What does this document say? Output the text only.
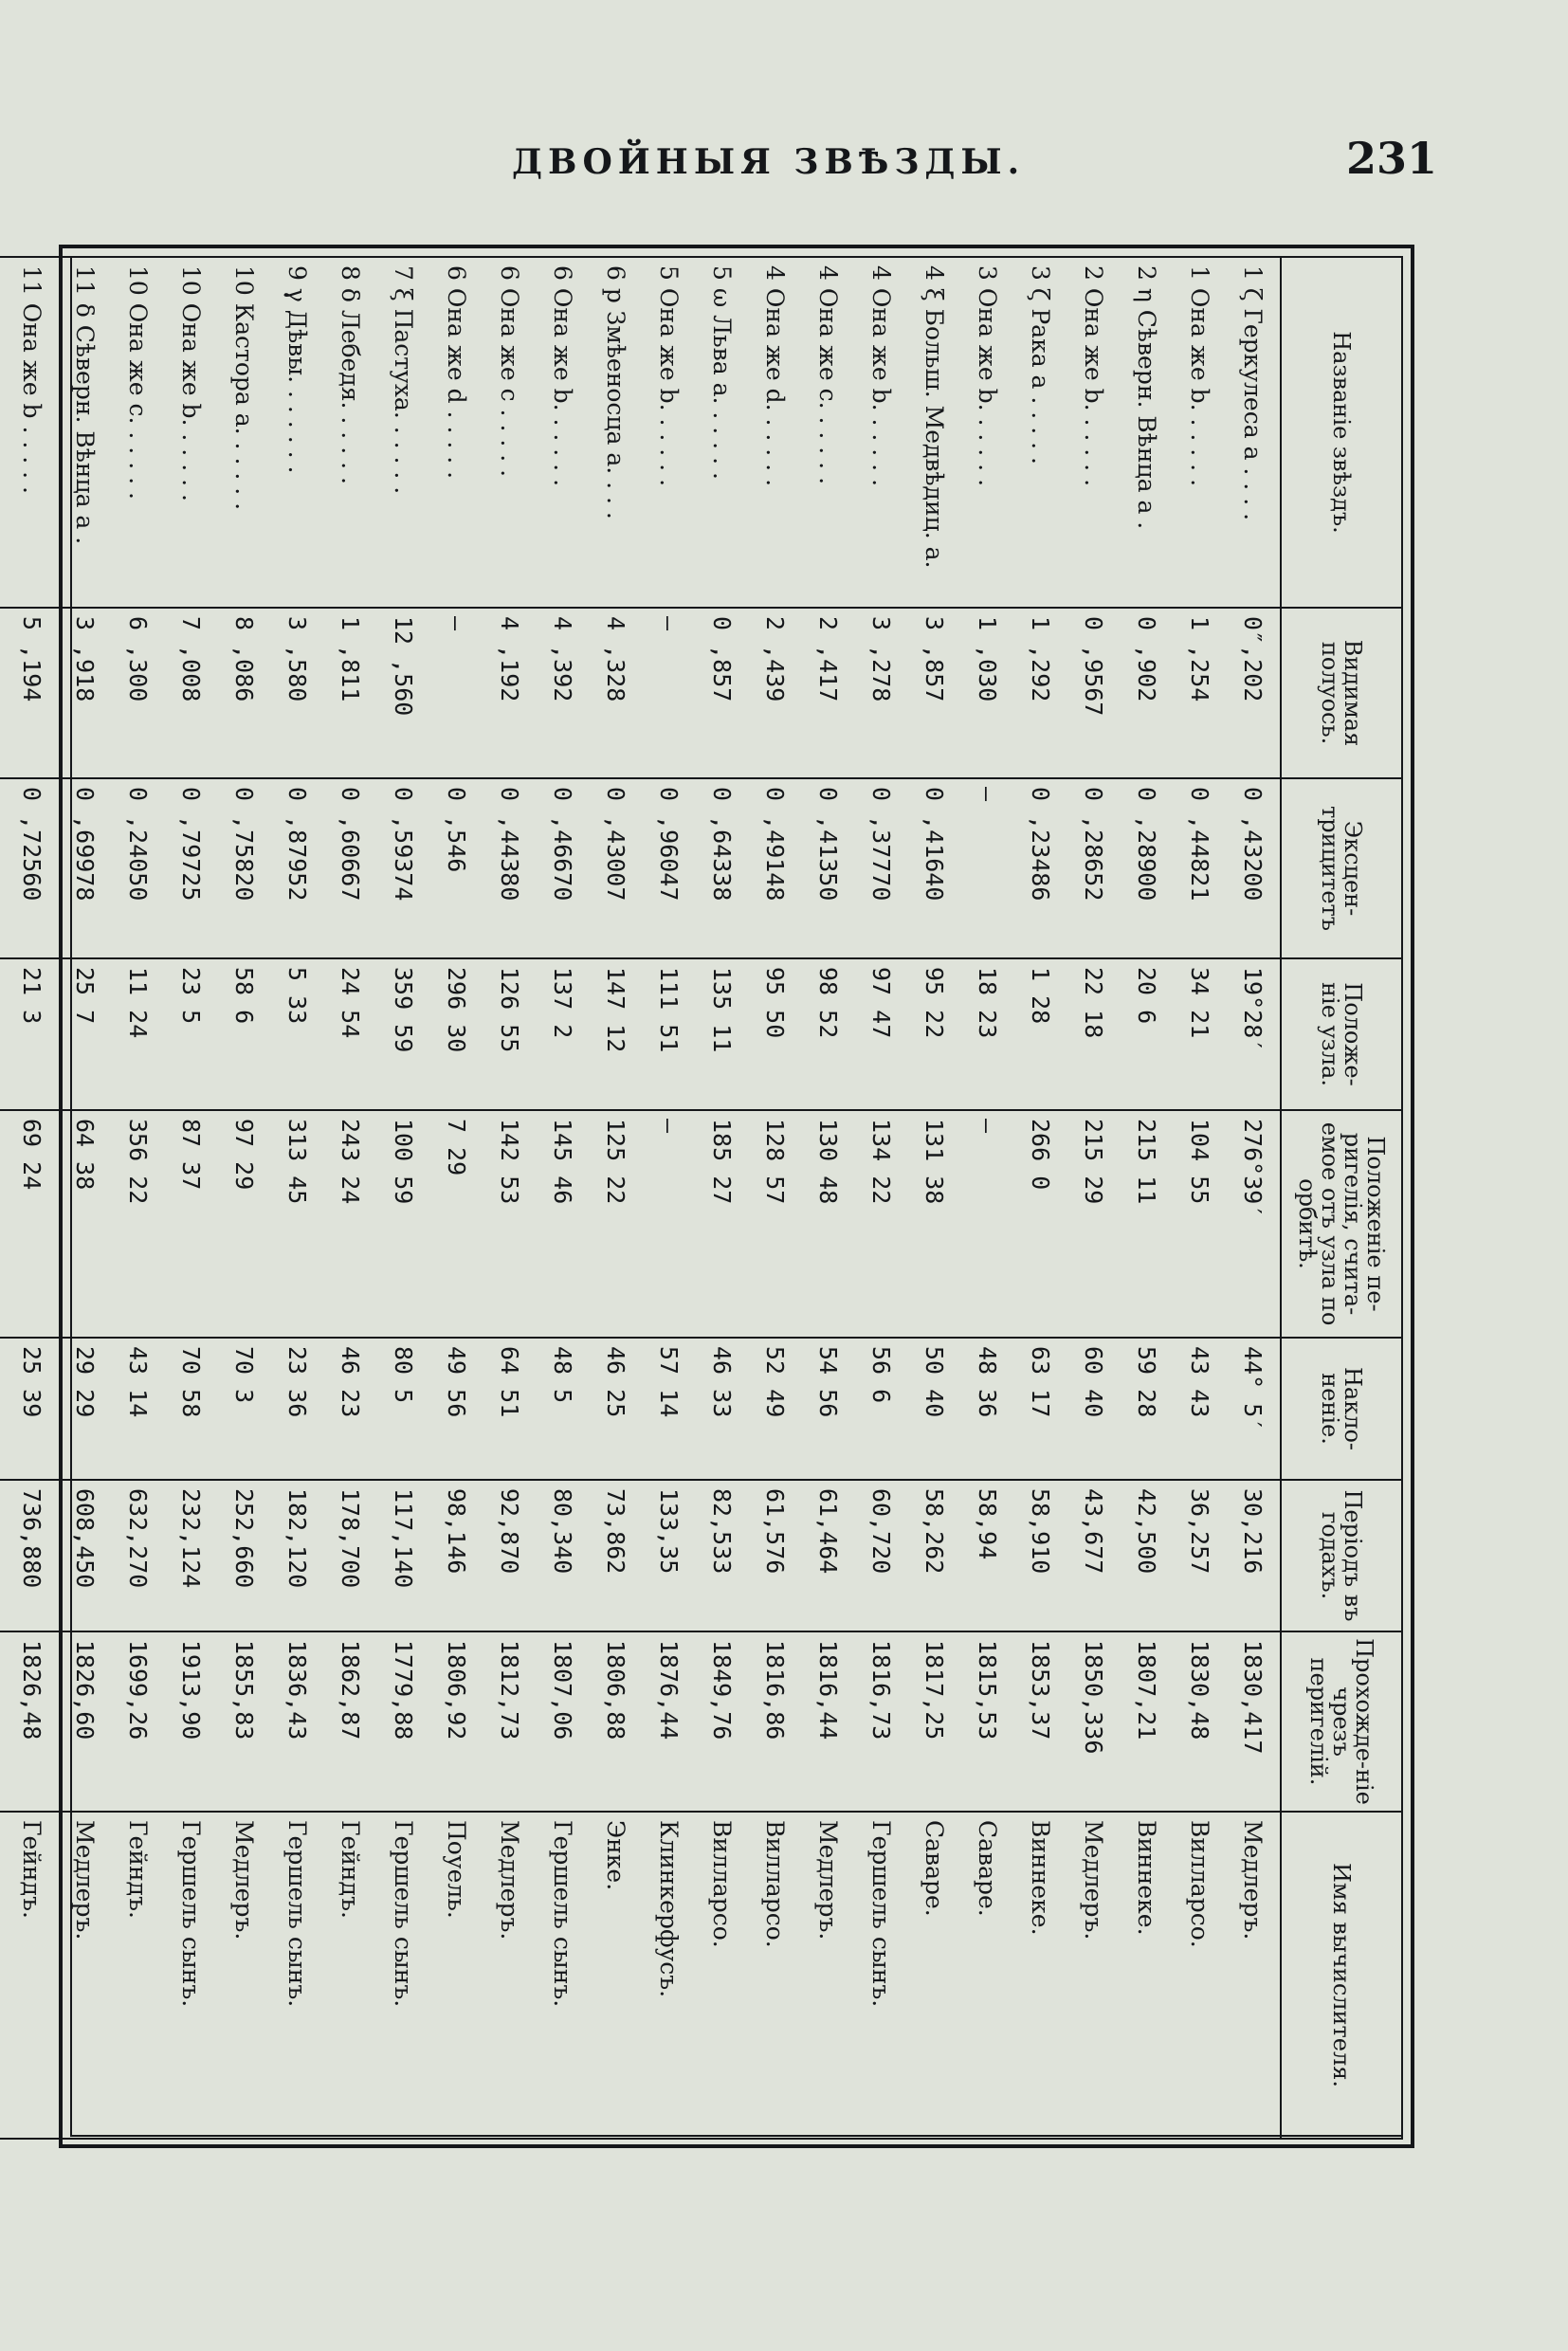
ДВОЙНЫЯ ЗВѢЗДЫ.	231
Названіе звѣздъ.	Видимая полуось.	Эксцен-трицитетъ	Положе-ніе узла.	Положеніе пе-ригелія, счита-емое отъ узла по орбитѣ.	Накло-неніе.	Періодъ въ годахъ.	Прохожде-ніе чрезъ перигелій.	Имя вычислителя.
1 ζ Геркулеса a . . . .	0″,202	0 ,43200	19°28′	276°39′	44° 5′	30,216	1830,417	Медлеръ.
1 Она же b. . . . . .	1 ,254	0 ,44821	34 21	104 55	43 43	36,257	1830,48	Вилларсо.
2 η Сѣверн. Вѣнца a .	0 ,902	0 ,28900	20 6	215 11	59 28	42,500	1807,21	Виннеке.
2 Она же b. . . . . .	0 ,9567	0 ,28652	22 18	215 29	60 40	43,677	1850,336	Медлеръ.
3 ζ Рака a . . . . .	1 ,292	0 ,23486	1 28	266 0	63 17	58,910	1853,37	Виннеке.
3 Она же b. . . . . .	1 ,030	—	18 23	—	48 36	58,94	1815,53	Саваре.
4 ξ Больш. Медвѣдиц. a.	3 ,857	0 ,41640	95 22	131 38	50 40	58,262	1817,25	Саваре.
4 Она же b. . . . . .	3 ,278	0 ,37770	97 47	134 22	56 6	60,720	1816,73	Гершель сынъ.
4 Она же c. . . . . .	2 ,417	0 ,41350	98 52	130 48	54 56	61,464	1816,44	Медлеръ.
4 Она же d. . . . . .	2 ,439	0 ,49148	95 50	128 57	52 49	61,576	1816,86	Вилларсо.
5 ω Льва a. . . . . .	0 ,857	0 ,64338	135 11	185 27	46 33	82,533	1849,76	Вилларсо.
5 Она же b. . . . . .	—	0 ,96047	111 51	—	57 14	133,35	1876,44	Клинкерфусъ.
6 p Змѣеносца a. . . .	4 ,328	0 ,43007	147 12	125 22	46 25	73,862	1806,88	Энке.
6 Она же b. . . . . .	4 ,392	0 ,46670	137 2	145 46	48 5	80,340	1807,06	Гершель сынъ.
6 Она же c . . . . .	4 ,192	0 ,44380	126 55	142 53	64 51	92,870	1812,73	Медлеръ.
6 Она же d . . . . .	—	0 ,546	296 30	7 29	49 56	98,146	1806,92	Поуель.
7 ξ Пастуха. . . . . .	12 ,560	0 ,59374	359 59	100 59	80 5	117,140	1779,88	Гершель сынъ.
8 δ Лебедя. . . . . .	1 ,811	0 ,60667	24 54	243 24	46 23	178,700	1862,87	Гейндъ.
9 γ Дѣвы. . . . . . .	3 ,580	0 ,87952	5 33	313 45	23 36	182,120	1836,43	Гершель сынъ.
10 Кастора a. . . . . .	8 ,086	0 ,75820	58 6	97 29	70 3	252,660	1855,83	Медлеръ.
10 Она же b. . . . . .	7 ,008	0 ,79725	23 5	87 37	70 58	232,124	1913,90	Гершель сынъ.
10 Она же c. . . . . .	6 ,300	0 ,24050	11 24	356 22	43 14	632,270	1699,26	Гейндъ.
11 δ Сѣверн. Вѣнца a .	3 ,918	0 ,69978	25 7	64 38	29 29	608,450	1826,60	Медлеръ.
11 Она же b . . . . .	5 ,194	0 ,72560	21 3	69 24	25 39	736,880	1826,48	Гейндъ.
